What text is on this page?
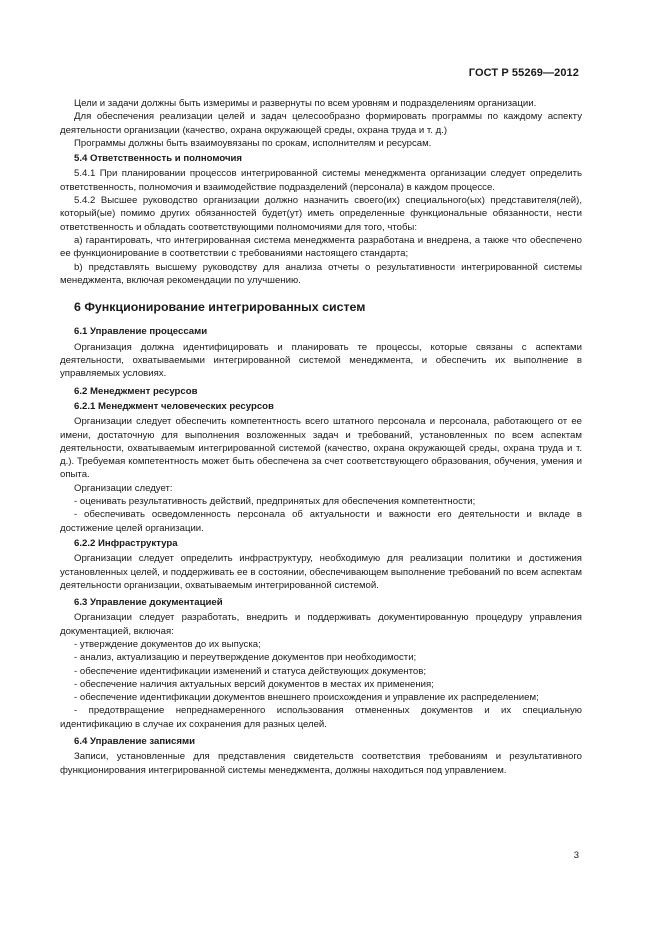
ГОСТ Р 55269—2012

Цели и задачи должны быть измеримы и развернуты по всем уровням и подразделениям организации.

Для обеспечения реализации целей и задач целесообразно формировать программы по каждому аспекту деятельности организации (качество, охрана окружающей среды, охрана труда и т. д.)

Программы должны быть взаимоувязаны по срокам, исполнителям и ресурсам.

5.4 Ответственность и полномочия

5.4.1 При планировании процессов интегрированной системы менеджмента организации следует определить ответственность, полномочия и взаимодействие подразделений (персонала) в каждом процессе.

5.4.2 Высшее руководство организации должно назначить своего(их) специального(ых) представителя(лей), который(ые) помимо других обязанностей будет(ут) иметь определенные функциональные обязанности, нести ответственность и обладать соответствующими полномочиями для того, чтобы:

а) гарантировать, что интегрированная система менеджмента разработана и внедрена, а также что обеспечено ее функционирование в соответствии с требованиями настоящего стандарта;

b) представлять высшему руководству для анализа отчеты о результативности интегрированной системы менеджмента, включая рекомендации по улучшению.

6 Функционирование интегрированных систем
6.1 Управление процессами

Организация должна идентифицировать и планировать те процессы, которые связаны с аспектами деятельности, охватываемыми интегрированной системой менеджмента, и обеспечить их выполнение в управляемых условиях.

6.2 Менеджмент ресурсов
6.2.1 Менеджмент человеческих ресурсов

Организации следует обеспечить компетентность всего штатного персонала и персонала, работающего от ее имени, достаточную для выполнения возложенных задач и требований, установленных по всем аспектам деятельности, охватываемым интегрированной системой (качество, охрана окружающей среды, охрана труда и т. д.). Требуемая компетентность может быть обеспечена за счет соответствующего образования, обучения, умения и опыта.

Организации следует:

- оценивать результативность действий, предпринятых для обеспечения компетентности;

- обеспечивать осведомленность персонала об актуальности и важности его деятельности и вкладе в достижение целей организации.

6.2.2 Инфраструктура

Организации следует определить инфраструктуру, необходимую для реализации политики и достижения установленных целей, и поддерживать ее в состоянии, обеспечивающем выполнение требований по всем аспектам деятельности организации, охватываемым интегрированной системой.

6.3 Управление документацией

Организации следует разработать, внедрить и поддерживать документированную процедуру управления документацией, включая:

- утверждение документов до их выпуска;

- анализ, актуализацию и переутверждение документов при необходимости;

- обеспечение идентификации изменений и статуса действующих документов;

- обеспечение наличия актуальных версий документов в местах их применения;

- обеспечение идентификации документов внешнего происхождения и управление их распределением;

- предотвращение непреднамеренного использования отмененных документов и их специальную идентификацию в случае их сохранения для разных целей.

6.4 Управление записями

Записи, установленные для представления свидетельств соответствия требованиям и результативного функционирования интегрированной системы менеджмента, должны находиться под управлением.

3
